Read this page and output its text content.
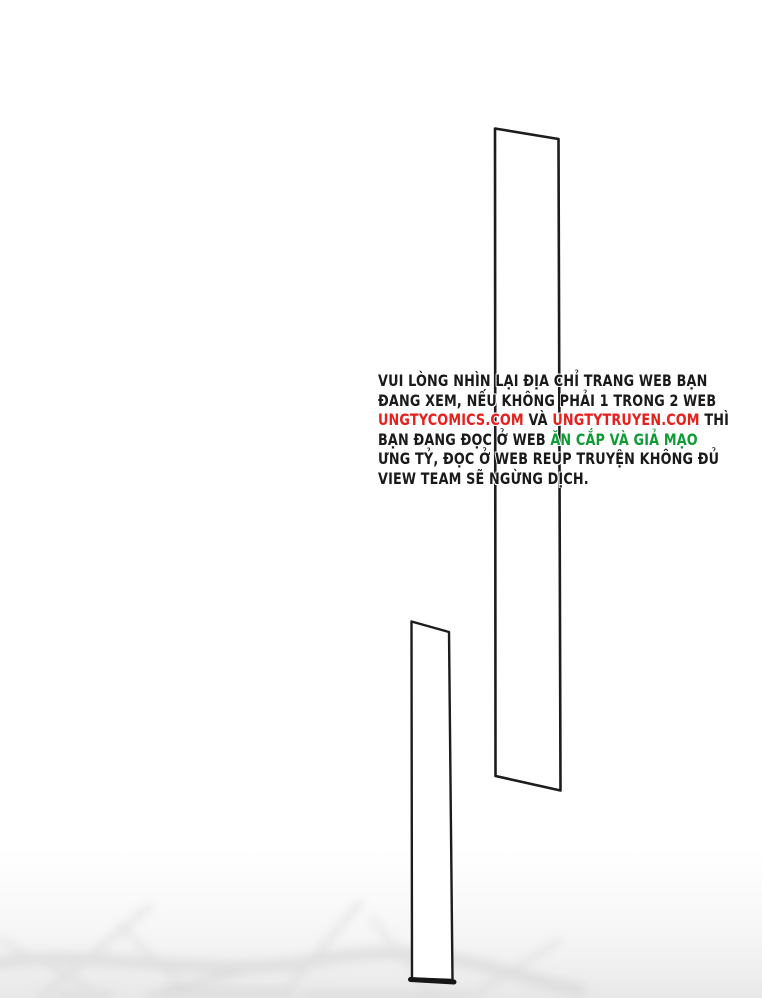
VUI LÒNG NHÌN LẠI ĐỊA CHỈ TRANG WEB BẠN

ĐANG XEM, NẾU KHÔNG PHẢI 1 TRONG 2 WEB

UNGTYCOMICS.COM VÀ UNGTYTRUYEN.COM THÌ

BẠN ĐANG ĐỌC Ở WEB ĂN CẮP VÀ GIẢ MẠO

ƯNG TỶ, ĐỌC Ở WEB REUP TRUYỆN KHÔNG ĐỦ

VIEW TEAM SẼ NGỪNG DỊCH.
